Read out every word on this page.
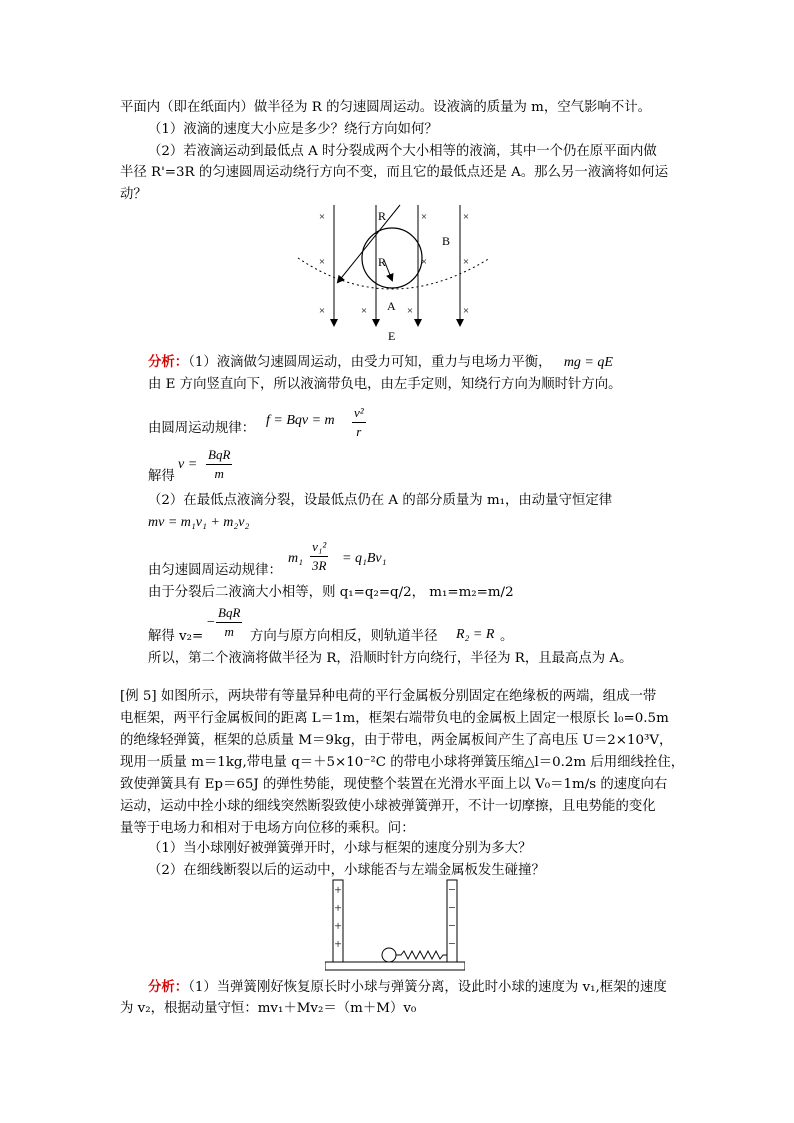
平面内（即在纸面内）做半径为 R 的匀速圆周运动。设液滴的质量为 m，空气影响不计。
（1）液滴的速度大小应是多少？绕行方向如何？
（2）若液滴运动到最低点 A 时分裂成两个大小相等的液滴，其中一个仍在原平面内做
半径 R'=3R 的匀速圆周运动绕行方向不变，而且它的最低点还是 A。那么另一液滴将如何运
动？
×	×	×
×	×	×
×	×	×	×
R
R
B
A
E
分析：（1）液滴做匀速圆周运动，由受力可知，重力与电场力平衡， mg = qE
由 E 方向竖直向下，所以液滴带负电，由左手定则，知绕行方向为顺时针方向。
由圆周运动规律：
f = Bqv = m $\frac{\text{v²}}{r}$
解得
v =
BqR
m
（2）在最低点液滴分裂，设最低点仍在 A 的部分质量为 m₁，由动量守恒定律
mv = m₁v₁ + m₂v₂
由匀速圆周运动规律：
$m_1 \frac{\text{v₁²}}{3R} = q_1Bv_1$
由于分裂后二液滴大小相等，则 q₁=q₂=q/2， m₁=m₂=m/2
解得 v₂=
−
BqR
m	方向与原方向相反，则轨道半径 R₂ = R 。
所以，第二个液滴将做半径为 R，沿顺时针方向绕行，半径为 R，且最高点为 A。
[例 5] 如图所示，两块带有等量异种电荷的平行金属板分别固定在绝缘板的两端，组成一带
电框架，两平行金属板间的距离 L＝1m，框架右端带负电的金属板上固定一根原长 l₀=0.5m
的绝缘轻弹簧，框架的总质量 M＝9kg，由于带电，两金属板间产生了高电压 U＝2×10³V，
现用一质量 m＝1kg,带电量 q＝＋5×10⁻²C 的带电小球将弹簧压缩△l＝0.2m 后用细线拴住，
致使弹簧具有 Ep＝65J 的弹性势能，现使整个装置在光滑水平面上以 V₀＝1m/s 的速度向右
运动，运动中拴小球的细线突然断裂致使小球被弹簧弹开，不计一切摩擦，且电势能的变化
量等于电场力和相对于电场方向位移的乘积。问：
（1）当小球刚好被弹簧弹开时，小球与框架的速度分别为多大？
（2）在细线断裂以后的运动中，小球能否与左端金属板发生碰撞？
+
+
+
+
−
−
−
−
分析：（1）当弹簧刚好恢复原长时小球与弹簧分离，设此时小球的速度为 v₁,框架的速度
为 v₂，根据动量守恒：mv₁＋Mv₂＝（m＋M）v₀
